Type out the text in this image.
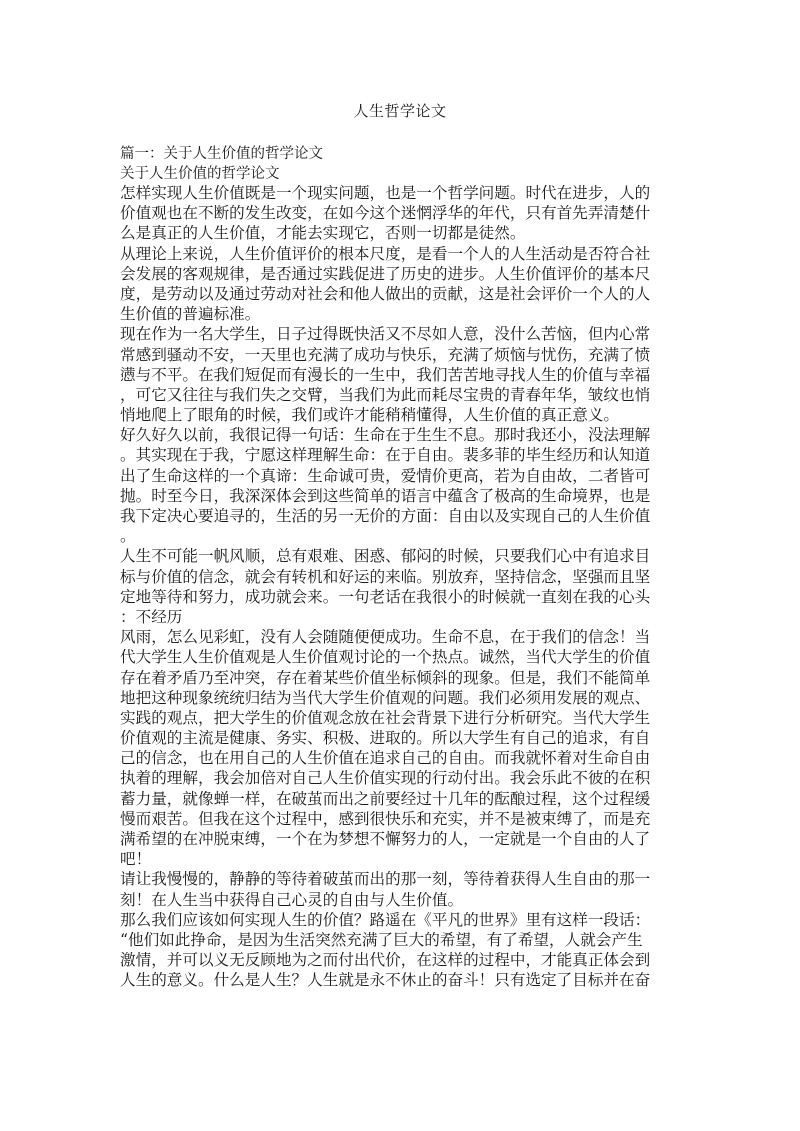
人生哲学论文
篇一：关于人生价值的哲学论文
关于人生价值的哲学论文
怎样实现人生价值既是一个现实问题，也是一个哲学问题。时代在进步，人的
价值观也在不断的发生改变，在如今这个迷惘浮华的年代，只有首先弄清楚什
么是真正的人生价值，才能去实现它，否则一切都是徒然。
从理论上来说，人生价值评价的根本尺度，是看一个人的人生活动是否符合社
会发展的客观规律，是否通过实践促进了历史的进步。人生价值评价的基本尺
度，是劳动以及通过劳动对社会和他人做出的贡献，这是社会评价一个人的人
生价值的普遍标准。
现在作为一名大学生，日子过得既快活又不尽如人意，没什么苦恼，但内心常
常感到骚动不安，一天里也充满了成功与快乐，充满了烦恼与忧伤，充满了愤
懑与不平。在我们短促而有漫长的一生中，我们苦苦地寻找人生的价值与幸福
，可它又往往与我们失之交臂，当我们为此而耗尽宝贵的青春年华，皱纹也悄
悄地爬上了眼角的时候，我们或许才能稍稍懂得，人生价值的真正意义。
好久好久以前，我很记得一句话：生命在于生生不息。那时我还小，没法理解
。其实现在于我，宁愿这样理解生命：在于自由。裴多菲的毕生经历和认知道
出了生命这样的一个真谛：生命诚可贵，爱情价更高，若为自由故，二者皆可
抛。时至今日，我深深体会到这些简单的语言中蕴含了极高的生命境界，也是
我下定决心要追寻的，生活的另一无价的方面：自由以及实现自己的人生价值
。
人生不可能一帆风顺，总有艰难、困惑、郁闷的时候，只要我们心中有追求目
标与价值的信念，就会有转机和好运的来临。别放弃，坚持信念，坚强而且坚
定地等待和努力，成功就会来。一句老话在我很小的时候就一直刻在我的心头
：不经历
风雨，怎么见彩虹，没有人会随随便便成功。生命不息，在于我们的信念！当
代大学生人生价值观是人生价值观讨论的一个热点。诚然，当代大学生的价值
存在着矛盾乃至冲突，存在着某些价值坐标倾斜的现象。但是，我们不能简单
地把这种现象统统归结为当代大学生价值观的问题。我们必须用发展的观点、
实践的观点，把大学生的价值观念放在社会背景下进行分析研究。当代大学生
价值观的主流是健康、务实、积极、进取的。所以大学生有自己的追求，有自
己的信念，也在用自己的人生价值在追求自己的自由。而我就怀着对生命自由
执着的理解，我会加倍对自己人生价值实现的行动付出。我会乐此不彼的在积
蓄力量，就像蝉一样，在破茧而出之前要经过十几年的酝酿过程，这个过程缓
慢而艰苦。但我在这个过程中，感到很快乐和充实，并不是被束缚了，而是充
满希望的在冲脱束缚，一个在为梦想不懈努力的人，一定就是一个自由的人了
吧！
请让我慢慢的，静静的等待着破茧而出的那一刻，等待着获得人生自由的那一
刻！在人生当中获得自己心灵的自由与人生价值。
那么我们应该如何实现人生的价值？路遥在《平凡的世界》里有这样一段话：
“他们如此挣命，是因为生活突然充满了巨大的希望，有了希望，人就会产生
激情，并可以义无反顾地为之而付出代价，在这样的过程中，才能真正体会到
人生的意义。什么是人生？人生就是永不休止的奋斗！只有选定了目标并在奋
